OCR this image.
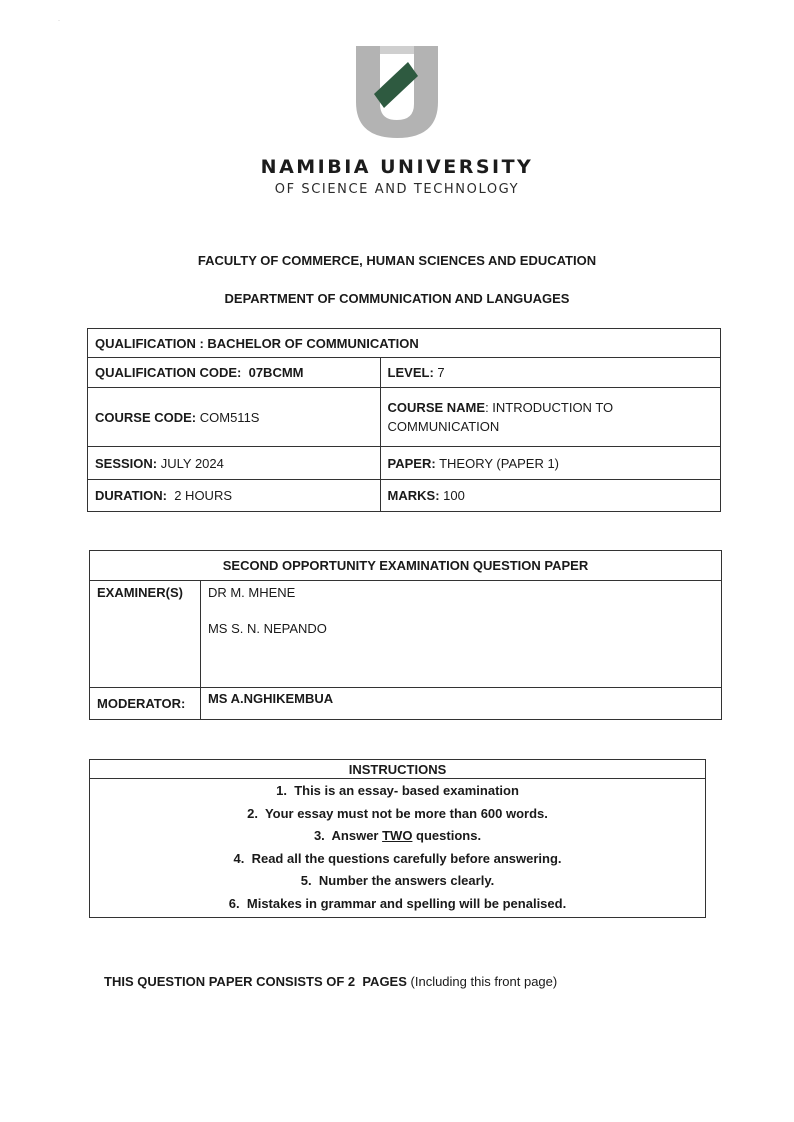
·
NAMIBIA UNIVERSITY
OF SCIENCE AND TECHNOLOGY
FACULTY OF COMMERCE, HUMAN SCIENCES AND EDUCATION
DEPARTMENT OF COMMUNICATION AND LANGUAGES
QUALIFICATION : BACHELOR OF COMMUNICATION	
QUALIFICATION CODE: 07BCMM	LEVEL: 7
COURSE CODE: COM511S	COURSE NAME: INTRODUCTION TO COMMUNICATION
SESSION: JULY 2024	PAPER: THEORY (PAPER 1)
DURATION: 2 HOURS	MARKS: 100
SECOND OPPORTUNITY EXAMINATION QUESTION PAPER	
EXAMINER(S)	DR M. MHENE
MS S. N. NEPANDO

MODERATOR:	MS A.NGHIKEMBUA
INSTRUCTIONS

1. This is an essay- based examination
2. Your essay must not be more than 600 words.
3. Answer TWO questions.
4. Read all the questions carefully before answering.
5. Number the answers clearly.
6. Mistakes in grammar and spelling will be penalised.
THIS QUESTION PAPER CONSISTS OF 2  PAGES (Including this front page)
